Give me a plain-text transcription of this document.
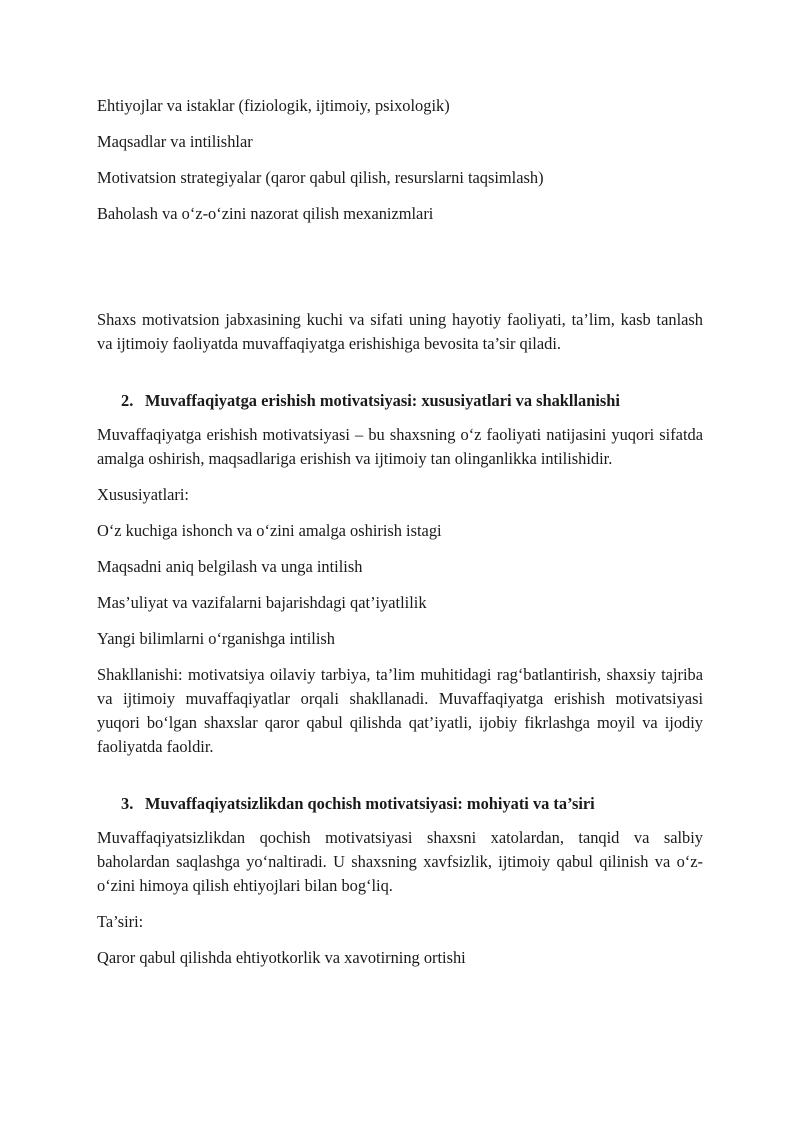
Ehtiyojlar va istaklar (fiziologik, ijtimoiy, psixologik)

Maqsadlar va intilishlar

Motivatsion strategiyalar (qaror qabul qilish, resurslarni taqsimlash)

Baholash va o‘z-o‘zini nazorat qilish mexanizmlari

Shaxs motivatsion jabxasining kuchi va sifati uning hayotiy faoliyati, ta’lim, kasb tanlash va ijtimoiy faoliyatda muvaffaqiyatga erishishiga bevosita ta’sir qiladi.

2. Muvaffaqiyatga erishish motivatsiyasi: xususiyatlari va shakllanishi

Muvaffaqiyatga erishish motivatsiyasi – bu shaxsning o‘z faoliyati natijasini yuqori sifatda amalga oshirish, maqsadlariga erishish va ijtimoiy tan olinganlikka intilishidir.

Xususiyatlari:

O‘z kuchiga ishonch va o‘zini amalga oshirish istagi

Maqsadni aniq belgilash va unga intilish

Mas’uliyat va vazifalarni bajarishdagi qat’iyatlilik

Yangi bilimlarni o‘rganishga intilish

Shakllanishi: motivatsiya oilaviy tarbiya, ta’lim muhitidagi rag‘batlantirish, shaxsiy tajriba va ijtimoiy muvaffaqiyatlar orqali shakllanadi. Muvaffaqiyatga erishish motivatsiyasi yuqori bo‘lgan shaxslar qaror qabul qilishda qat’iyatli, ijobiy fikrlashga moyil va ijodiy faoliyatda faoldir.

3. Muvaffaqiyatsizlikdan qochish motivatsiyasi: mohiyati va ta’siri

Muvaffaqiyatsizlikdan qochish motivatsiyasi shaxsni xatolardan, tanqid va salbiy baholardan saqlashga yo‘naltiradi. U shaxsning xavfsizlik, ijtimoiy qabul qilinish va o‘z-o‘zini himoya qilish ehtiyojlari bilan bog‘liq.

Ta’siri:

Qaror qabul qilishda ehtiyotkorlik va xavotirning ortishi
